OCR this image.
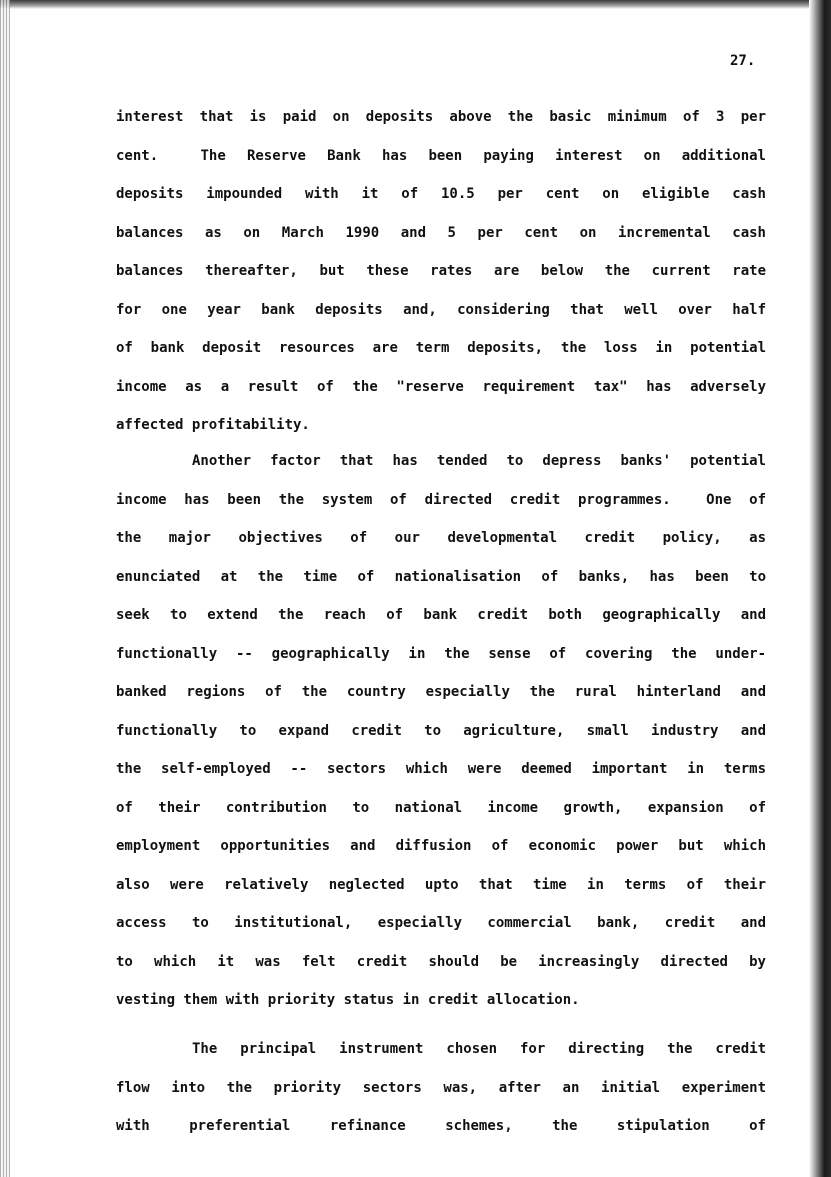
27.
interest that is paid on deposits above the basic minimum of 3 per
cent.  The Reserve Bank has been paying interest on additional
deposits impounded with it of 10.5 per cent on eligible cash
balances as on March 1990 and 5 per cent on incremental cash
balances thereafter, but these rates are below the current rate
for one year bank deposits and, considering that well over half
of bank deposit resources are term deposits, the loss in potential
income as a result of the "reserve requirement tax" has adversely
affected profitability.
Another factor that has tended to depress banks' potential
income has been the system of directed credit programmes.  One of
the major objectives of our developmental credit policy, as
enunciated at the time of nationalisation of banks, has been to
seek to extend the reach of bank credit both geographically and
functionally -- geographically in the sense of covering the under-
banked regions of the country especially the rural hinterland and
functionally to expand credit to agriculture, small industry and
the self-employed -- sectors which were deemed important in terms
of their contribution to national income growth, expansion of
employment opportunities and diffusion of economic power but which
also were relatively neglected upto that time in terms of their
access to institutional, especially commercial bank, credit and
to which it was felt credit should be increasingly directed by
vesting them with priority status in credit allocation.
The principal instrument chosen for directing the credit
flow into the priority sectors was, after an initial experiment
with preferential refinance schemes, the stipulation of
